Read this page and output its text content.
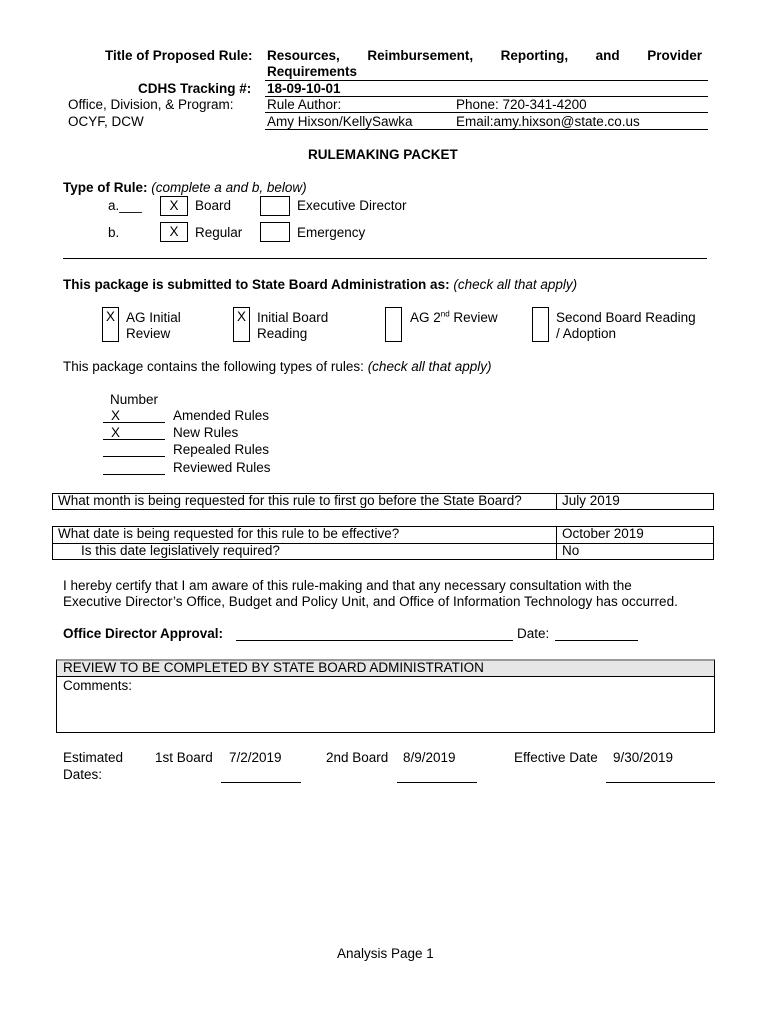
Title of Proposed Rule: Resources, Reimbursement, Reporting, and Provider
Requirements
CDHS Tracking #: 18-09-10-01
Office, Division, & Program: Rule Author:	Phone: 720-341-4200
OCYF, DCW	Amy Hixson/KellySawka	Email:amy.hixson@state.co.us
RULEMAKING PACKET
Type of Rule: (complete a and b, below)
a.___	X	Board	Executive Director
b.	X	Regular	Emergency
This package is submitted to State Board Administration as: (check all that apply)
X AG Initial
Review
X Initial Board
Reading
AG 2nd Review	Second Board Reading
/ Adoption
This package contains the following types of rules: (check all that apply)
Number
X	Amended Rules
X	New Rules
Repealed Rules
Reviewed Rules
What month is being requested for this rule to first go before the State Board?	July 2019
What date is being requested for this rule to be effective?	October 2019
Is this date legislatively required?	No
I hereby certify that I am aware of this rule-making and that any necessary consultation with the
Executive Director’s Office, Budget and Policy Unit, and Office of Information Technology has occurred.
Office Director Approval:	Date:
REVIEW TO BE COMPLETED BY STATE BOARD ADMINISTRATION
Comments:
Estimated
Dates:
1st Board 7/2/2019	2nd Board 8/9/2019	Effective Date 9/30/2019
Analysis Page 1
